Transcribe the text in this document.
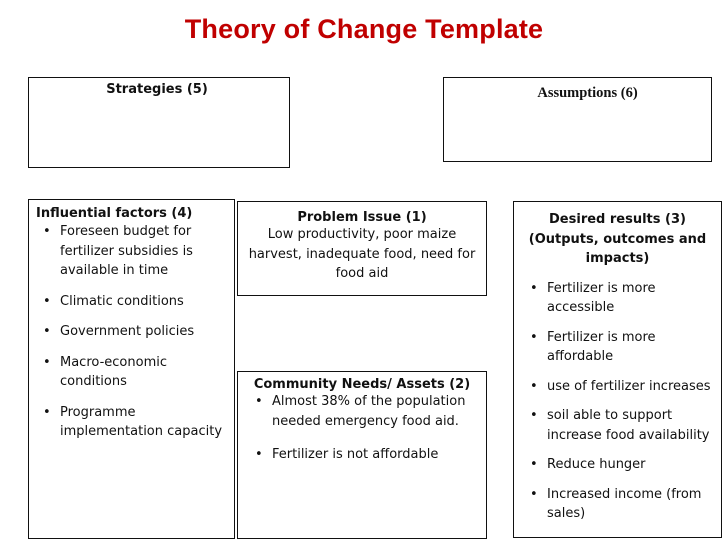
Theory of Change Template
Strategies (5)	Assumptions (6)
Influential factors (4)
• Foreseen budget for fertilizer subsidies is available in time
• Climatic conditions
• Government policies
• Macro-economic conditions
• Programme implementation capacity
Problem Issue (1)
Low productivity, poor maize harvest, inadequate food, need for food aid
Community Needs/ Assets (2)
• Almost 38% of the population needed emergency food aid.
• Fertilizer is not affordable
Desired results (3) (Outputs, outcomes and impacts)
• Fertilizer is more accessible
• Fertilizer is more affordable
• use of fertilizer increases
• soil able to support increase food availability
• Reduce hunger
• Increased income (from sales)
